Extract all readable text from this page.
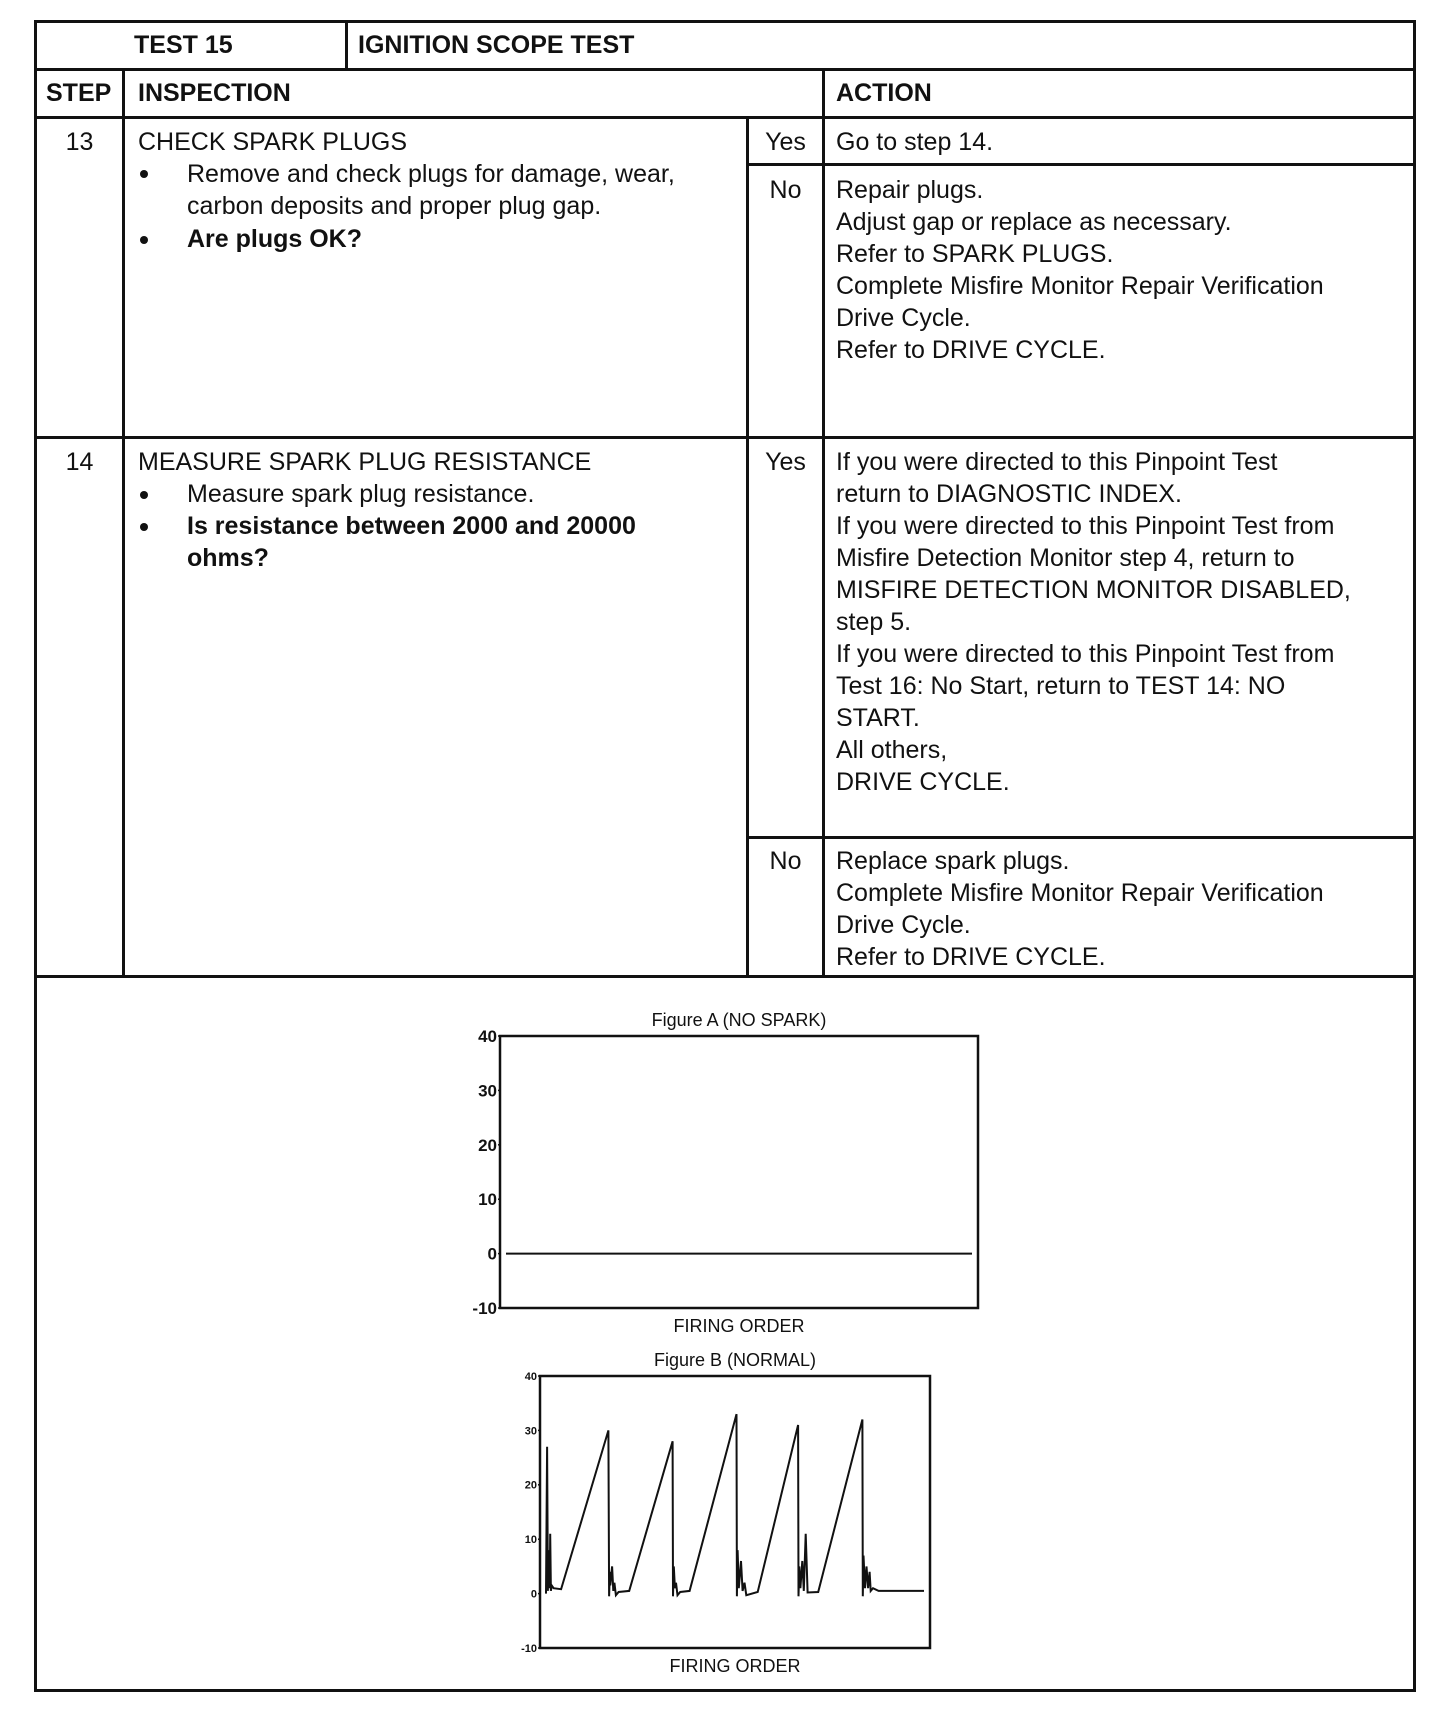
TEST 15	IGNITION SCOPE TEST
STEP INSPECTION	ACTION
13	CHECK SPARK PLUGS
Remove and check plugs for damage, wear,
carbon deposits and proper plug gap.
Are plugs OK?
Yes	Go to step 14.
No	Repair plugs.
Adjust gap or replace as necessary.
Refer to SPARK PLUGS.
Complete Misfire Monitor Repair Verification
Drive Cycle.
Refer to DRIVE CYCLE.
14	MEASURE SPARK PLUG RESISTANCE
Measure spark plug resistance.
Is resistance between 2000 and 20000
ohms?
Yes	If you were directed to this Pinpoint Test
return to DIAGNOSTIC INDEX.
If you were directed to this Pinpoint Test from
Misfire Detection Monitor step 4, return to
MISFIRE DETECTION MONITOR DISABLED,
step 5.
If you were directed to this Pinpoint Test from
Test 16: No Start, return to TEST 14: NO
START.
All others,
DRIVE CYCLE.
No	Replace spark plugs.
Complete Misfire Monitor Repair Verification
Drive Cycle.
Refer to DRIVE CYCLE.
Figure A (NO SPARK)
FIRING ORDER
40
30
20
10
0
-10
Figure B (NORMAL)
FIRING ORDER
40
30
20
10
0
-10
